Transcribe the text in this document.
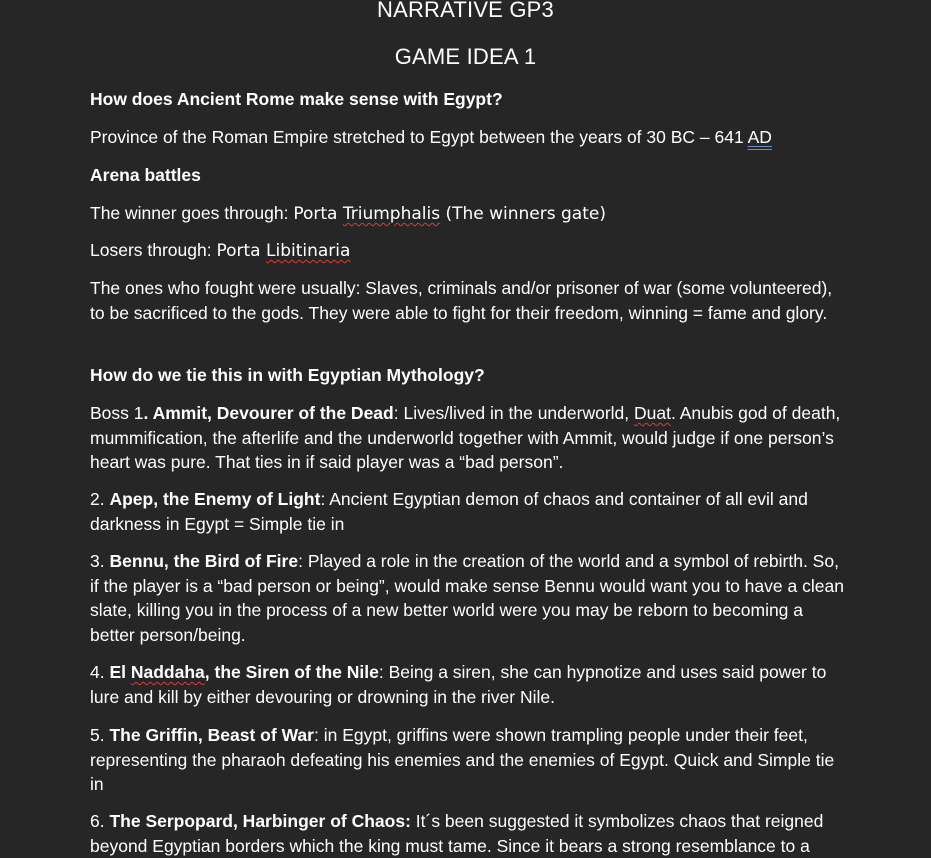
NARRATIVE GP3
GAME IDEA 1
How does Ancient Rome make sense with Egypt?
Province of the Roman Empire stretched to Egypt between the years of 30 BC – 641 AD
Arena battles
The winner goes through: Porta Triumphalis (The winners gate)
Losers through: Porta Libitinaria
The ones who fought were usually: Slaves, criminals and/or prisoner of war (some volunteered), to be sacrificed to the gods. They were able to fight for their freedom, winning = fame and glory.
How do we tie this in with Egyptian Mythology?
Boss 1. Ammit, Devourer of the Dead: Lives/lived in the underworld, Duat. Anubis god of death, mummification, the afterlife and the underworld together with Ammit, would judge if one person’s heart was pure. That ties in if said player was a “bad person”.
2. Apep, the Enemy of Light: Ancient Egyptian demon of chaos and container of all evil and darkness in Egypt = Simple tie in
3. Bennu, the Bird of Fire: Played a role in the creation of the world and a symbol of rebirth. So, if the player is a “bad person or being”, would make sense Bennu would want you to have a clean slate, killing you in the process of a new better world were you may be reborn to becoming a better person/being.
4. El Naddaha, the Siren of the Nile: Being a siren, she can hypnotize and uses said power to lure and kill by either devouring or drowning in the river Nile.
5. The Griffin, Beast of War: in Egypt, griffins were shown trampling people under their feet, representing the pharaoh defeating his enemies and the enemies of Egypt. Quick and Simple tie in
6. The Serpopard, Harbinger of Chaos: It´s been suggested it symbolizes chaos that reigned beyond Egyptian borders which the king must tame. Since it bears a strong resemblance to a
